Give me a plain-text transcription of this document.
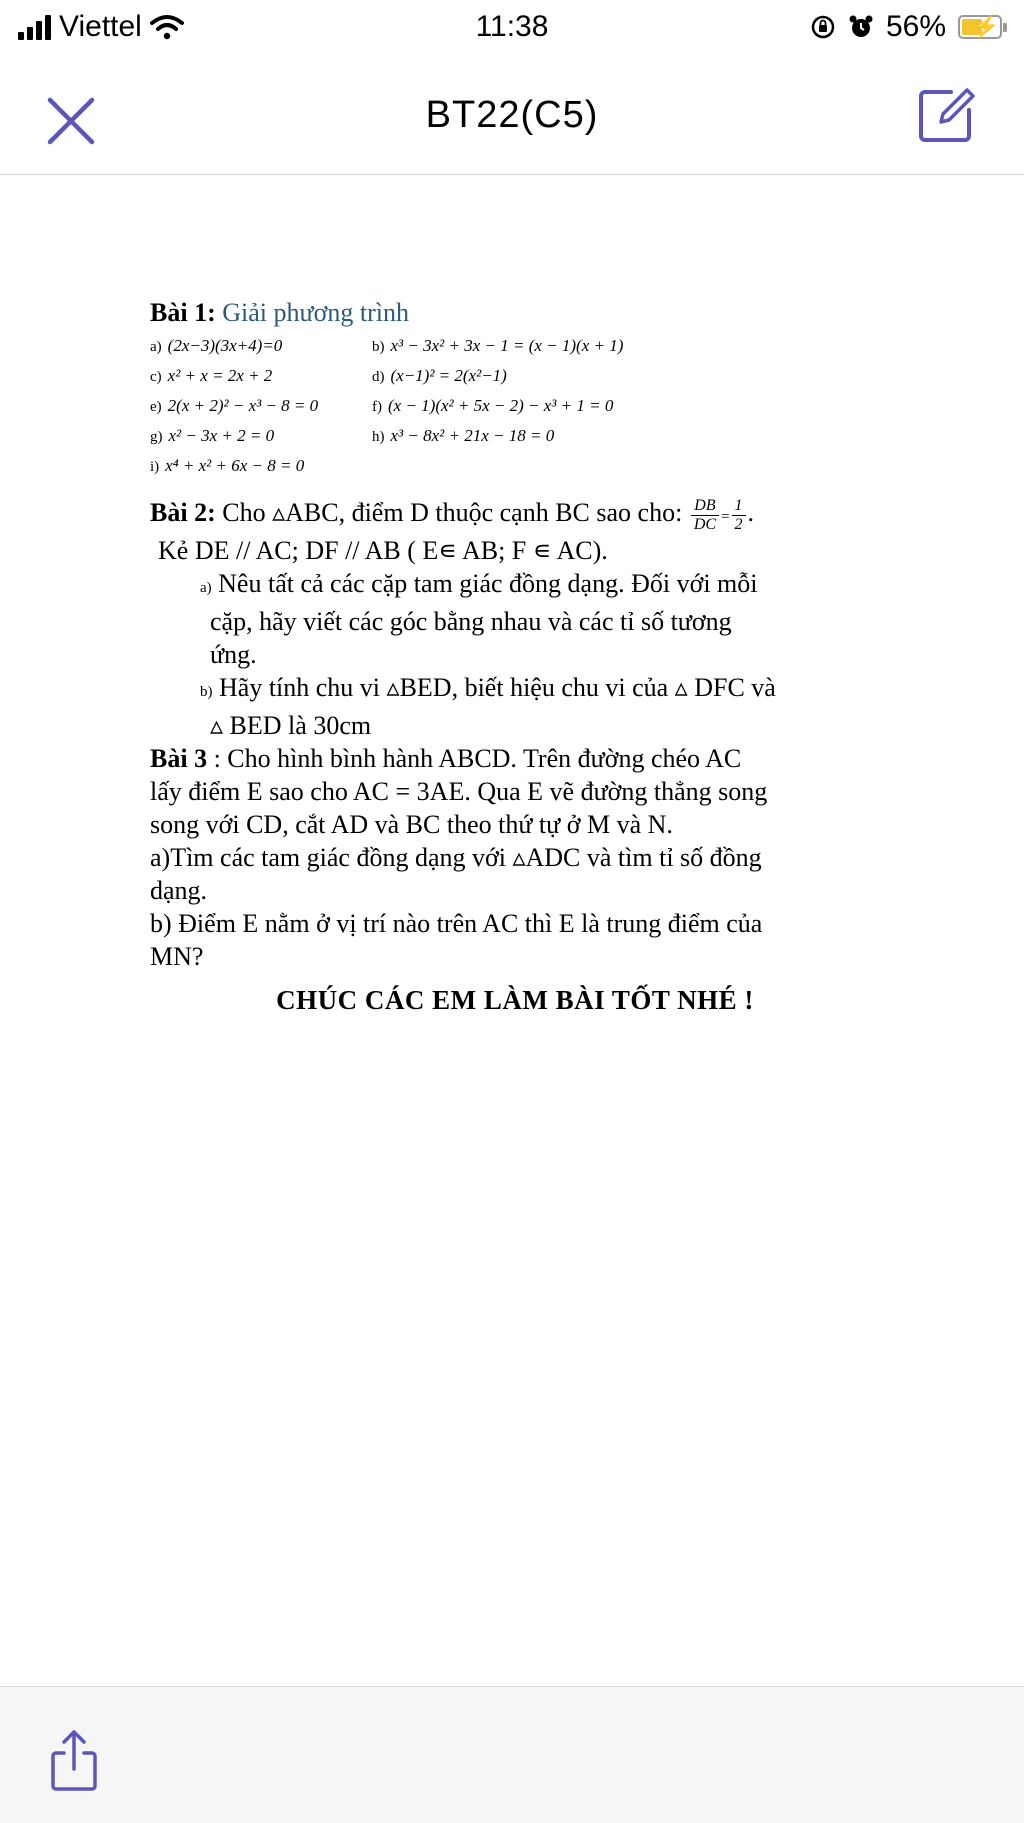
Viettel	11:38	56% ⚡
BT22(C5)
Bài 1: Giải phương trình
a) (2x−3)(3x+4)=0	b) x³ − 3x² + 3x − 1 = (x − 1)(x + 1)
c) x² + x = 2x + 2	d) (x−1)² = 2(x²−1)
e) 2(x + 2)² − x³ − 8 = 0	f) (x − 1)(x² + 5x − 2) − x³ + 1 = 0
g) x² − 3x + 2 = 0	h) x³ − 8x² + 21x − 18 = 0
i) x⁴ + x² + 6x − 8 = 0
Bài 2: Cho ▵ABC, điểm D thuộc cạnh BC sao cho: $\frac{DB}{DC} = \frac{1}{2}$ .
Kẻ DE // AC; DF // AB ( E∊ AB; F ∊ AC).
a) Nêu tất cả các cặp tam giác đồng dạng. Đối với mỗi
cặp, hãy viết các góc bằng nhau và các tỉ số tương
ứng.
b) Hãy tính chu vi ▵BED, biết hiệu chu vi của ▵ DFC và
▵ BED là 30cm
Bài 3 : Cho hình bình hành ABCD. Trên đường chéo AC
lấy điểm E sao cho AC = 3AE. Qua E vẽ đường thẳng song
song với CD, cắt AD và BC theo thứ tự ở M và N.
a)Tìm các tam giác đồng dạng với ▵ADC và tìm tỉ số đồng
dạng.
b) Điểm E nằm ở vị trí nào trên AC thì E là trung điểm của
MN?
CHÚC CÁC EM LÀM BÀI TỐT NHÉ !
